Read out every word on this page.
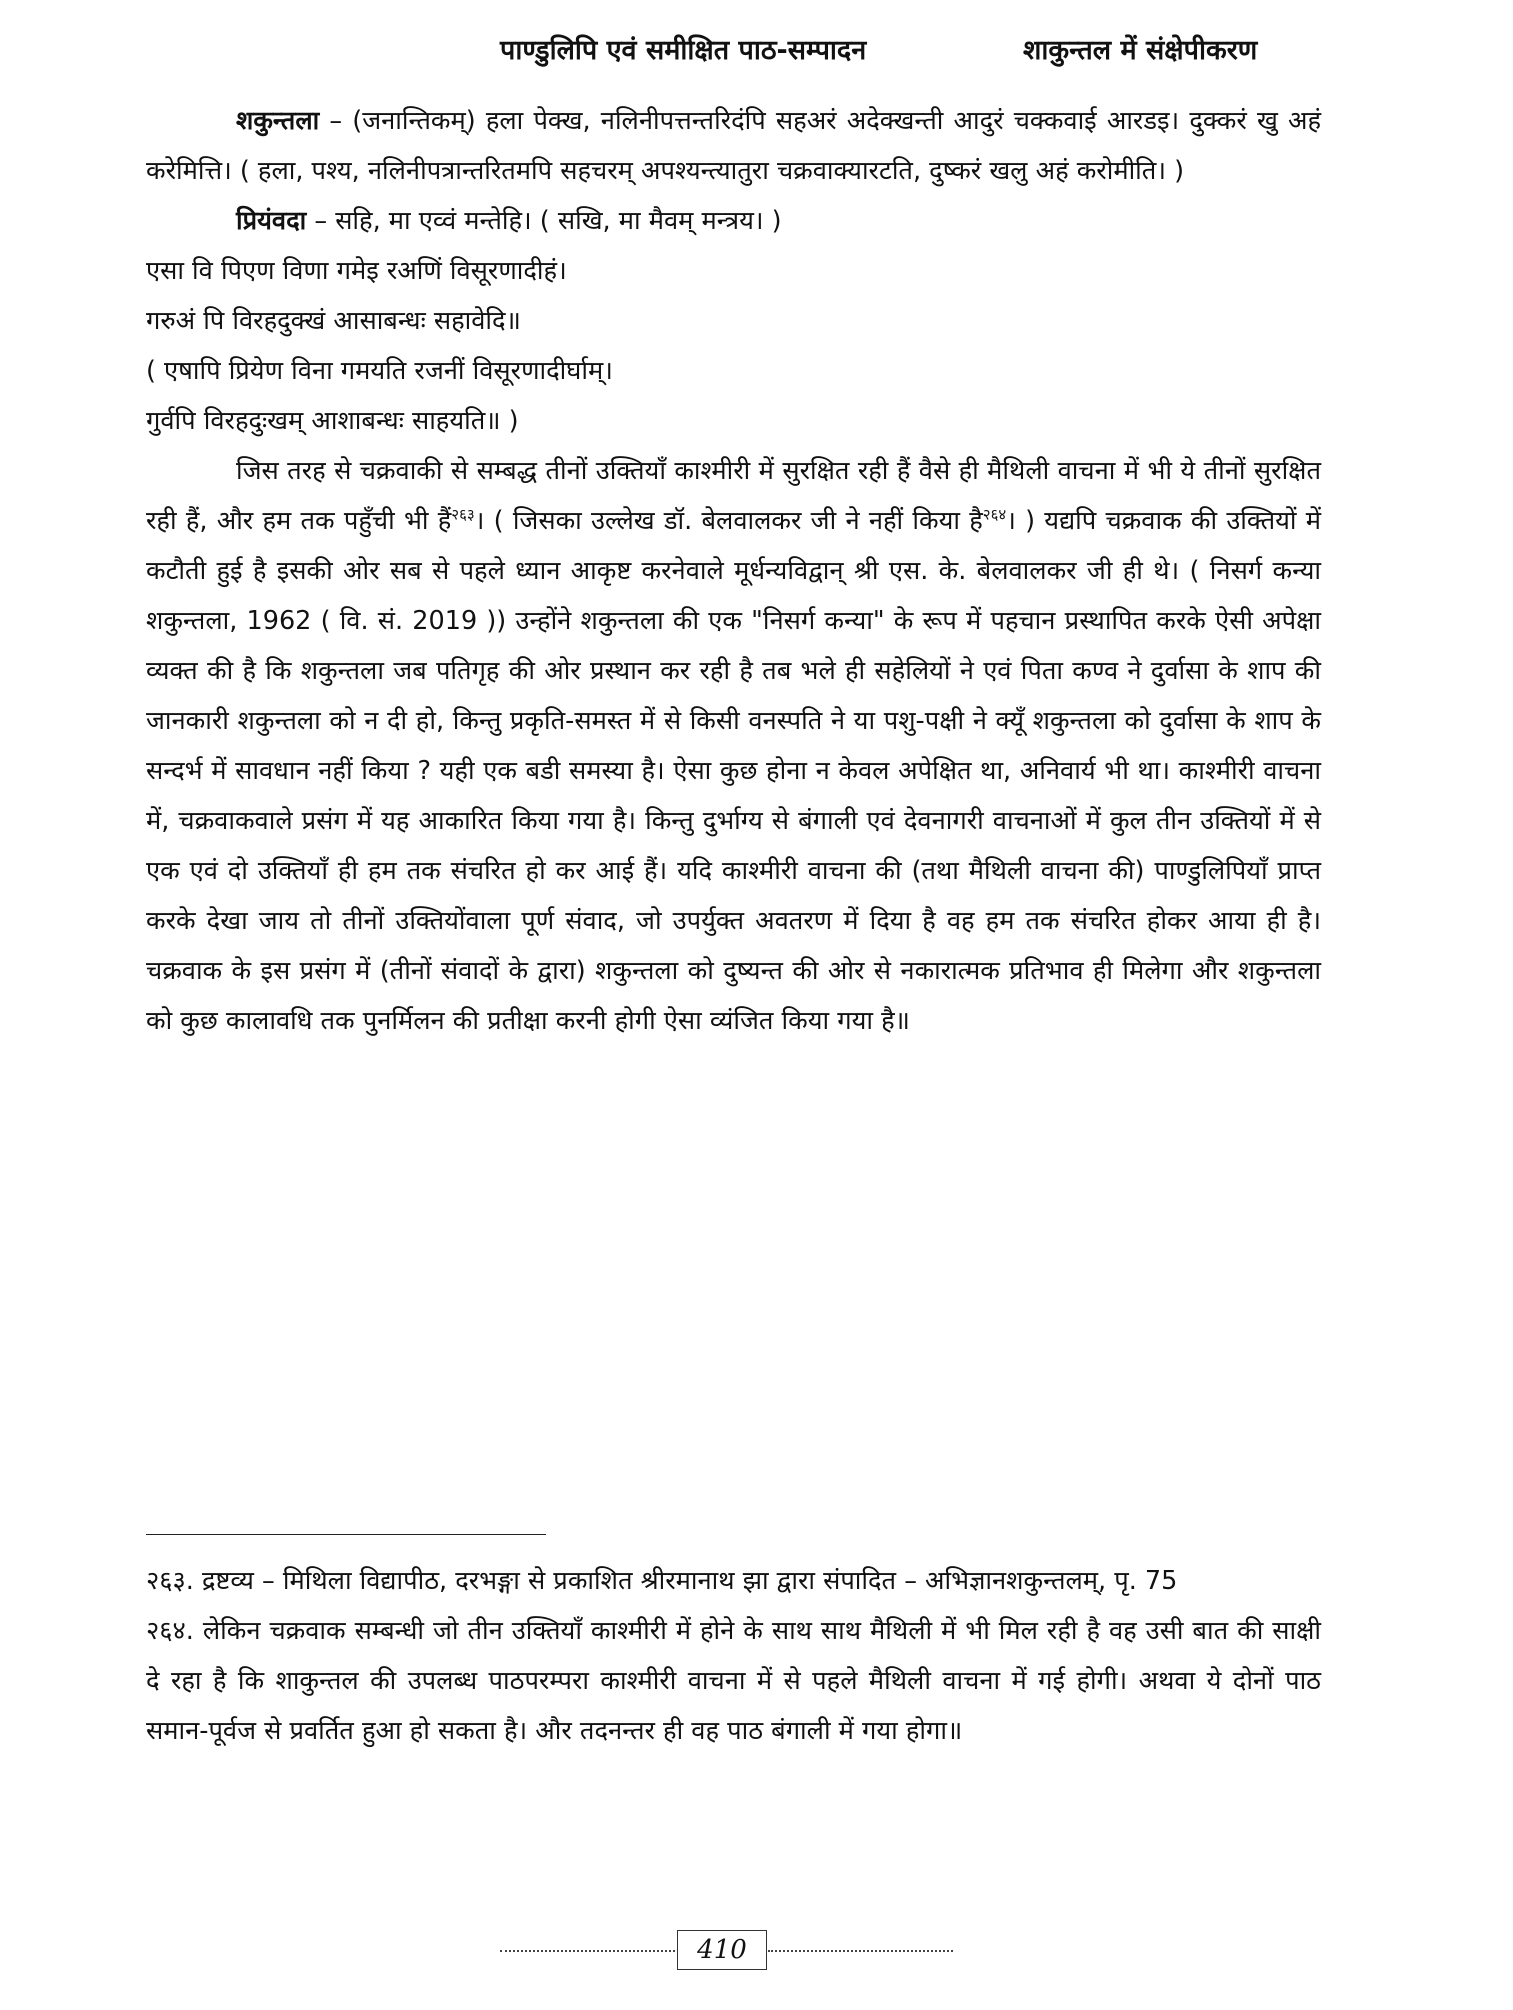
पाण्डुलिपि एवं समीक्षित पाठ-सम्पादन	शाकुन्तल में संक्षेपीकरण

शकुन्तला – (जनान्तिकम्) हला पेक्ख, नलिनीपत्तन्तरिदंपि सहअरं अदेक्खन्ती आदुरं चक्कवाई आरडइ। दुक्करं खु अहं करेमित्ति। ( हला, पश्य, नलिनीपत्रान्तरितमपि सहचरम् अपश्यन्त्यातुरा चक्रवाक्यारटति, दुष्करं खलु अहं करोमीति। )

प्रियंवदा – सहि, मा एव्वं मन्तेहि। ( सखि, मा मैवम् मन्त्रय। )

एसा वि पिएण विणा गमेइ रअणिं विसूरणादीहं।

गरुअं पि विरहदुक्खं आसाबन्धः सहावेदि॥

( एषापि प्रियेण विना गमयति रजनीं विसूरणादीर्घाम्।

गुर्वपि विरहदुःखम् आशाबन्धः साहयति॥ )

जिस तरह से चक्रवाकी से सम्बद्ध तीनों उक्तियाँ काश्मीरी में सुरक्षित रही हैं वैसे ही मैथिली वाचना में भी ये तीनों सुरक्षित रही हैं, और हम तक पहुँची भी हैं$^{२६३}$। ( जिसका उल्लेख डॉ. बेलवालकर जी ने नहीं किया है$^{२६४}$। ) यद्यपि चक्रवाक की उक्तियों में कटौती हुई है इसकी ओर सब से पहले ध्यान आकृष्ट करनेवाले मूर्धन्यविद्वान् श्री एस. के. बेलवालकर जी ही थे। ( निसर्ग कन्या शकुन्तला, 1962 ( वि. सं. 2019 )) उन्होंने शकुन्तला की एक "निसर्ग कन्या" के रूप में पहचान प्रस्थापित करके ऐसी अपेक्षा व्यक्त की है कि शकुन्तला जब पतिगृह की ओर प्रस्थान कर रही है तब भले ही सहेलियों ने एवं पिता कण्व ने दुर्वासा के शाप की जानकारी शकुन्तला को न दी हो, किन्तु प्रकृति-समस्त में से किसी वनस्पति ने या पशु-पक्षी ने क्यूँ शकुन्तला को दुर्वासा के शाप के सन्दर्भ में सावधान नहीं किया ? यही एक बडी समस्या है। ऐसा कुछ होना न केवल अपेक्षित था, अनिवार्य भी था। काश्मीरी वाचना में, चक्रवाकवाले प्रसंग में यह आकारित किया गया है। किन्तु दुर्भाग्य से बंगाली एवं देवनागरी वाचनाओं में कुल तीन उक्तियों में से एक एवं दो उक्तियाँ ही हम तक संचरित हो कर आई हैं। यदि काश्मीरी वाचना की (तथा मैथिली वाचना की) पाण्डुलिपियाँ प्राप्त करके देखा जाय तो तीनों उक्तियोंवाला पूर्ण संवाद, जो उपर्युक्त अवतरण में दिया है वह हम तक संचरित होकर आया ही है। चक्रवाक के इस प्रसंग में (तीनों संवादों के द्वारा) शकुन्तला को दुष्यन्त की ओर से नकारात्मक प्रतिभाव ही मिलेगा और शकुन्तला को कुछ कालावधि तक पुनर्मिलन की प्रतीक्षा करनी होगी ऐसा व्यंजित किया गया है॥

२६३. द्रष्टव्य – मिथिला विद्यापीठ, दरभङ्गा से प्रकाशित श्रीरमानाथ झा द्वारा संपादित – अभिज्ञानशकुन्तलम्, पृ. 75

२६४. लेकिन चक्रवाक सम्बन्धी जो तीन उक्तियाँ काश्मीरी में होने के साथ साथ मैथिली में भी मिल रही है वह उसी बात की साक्षी दे रहा है कि शाकुन्तल की उपलब्ध पाठपरम्परा काश्मीरी वाचना में से पहले मैथिली वाचना में गई होगी। अथवा ये दोनों पाठ समान-पूर्वज से प्रवर्तित हुआ हो सकता है। और तदनन्तर ही वह पाठ बंगाली में गया होगा॥

410
